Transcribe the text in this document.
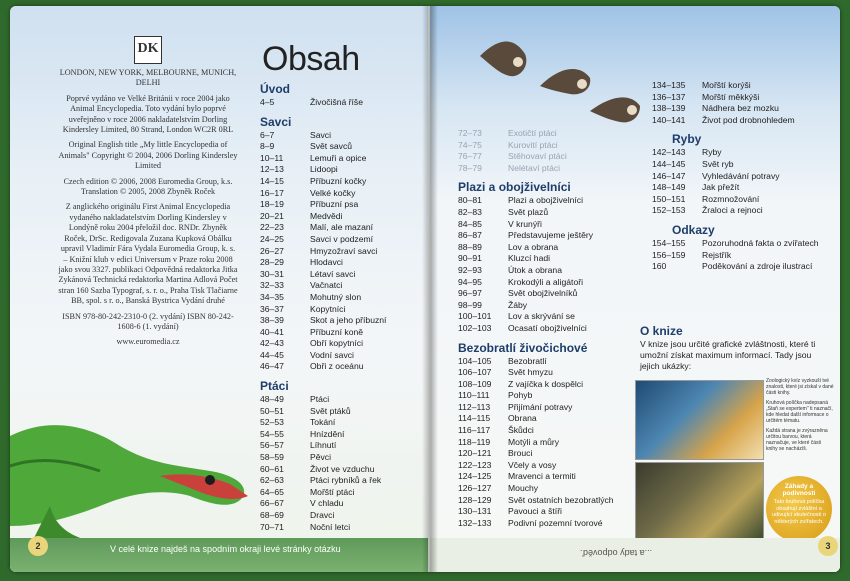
DK

LONDON, NEW YORK, MELBOURNE, MUNICH, DELHI

Poprvé vydáno ve Velké Británii v roce 2004 jako Animal Encyclopedia. Toto vydání bylo poprvé uveřejněno v roce 2006 nakladatelstvím Dorling Kindersley Limited, 80 Strand, London WC2R 0RL

Original English title „My little Encyclopedia of Animals" Copyright © 2004, 2006 Dorling Kindersley Limited

Czech edition © 2006, 2008 Euromedia Group, k.s. Translation © 2005, 2008 Zbyněk Roček

Z anglického originálu First Animal Encyclopedia vydaného nakladatelstvím Dorling Kindersley v Londýně roku 2004 přeložil doc. RNDr. Zbyněk Roček, DrSc. Redigovala Zuzana Kupková Obálku upravil Vladimír Fára Vydala Euromedia Group, k. s. – Knižní klub v edici Universum v Praze roku 2008 jako svou 3327. publikaci Odpovědná redaktorka Jitka Zykánová Technická redaktorka Martina Adlová Počet stran 160 Sazba Typograf, s. r. o., Praha Tisk Tlačiarne BB, spol. s r. o., Banská Bystrica Vydání druhé

ISBN 978-80-242-2310-0 (2. vydání) ISBN 80-242-1608-6 (1. vydání)

www.euromedia.cz

Obsah

Úvod

4–5	Živočišná říše

Savci

6–7	Savci
8–9	Svět savců
10–11	Lemuři a opice
12–13	Lidoopi
14–15	Příbuzní kočky
16–17	Velké kočky
18–19	Příbuzní psa
20–21	Medvědi
22–23	Malí, ale mazaní
24–25	Savci v podzemí
26–27	Hmyzožraví savci
28–29	Hlodavci
30–31	Létaví savci
32–33	Vačnatci
34–35	Mohutný slon
36–37	Kopytníci
38–39	Skot a jeho příbuzní
40–41	Příbuzní koně
42–43	Obří kopytníci
44–45	Vodní savci
46–47	Obři z oceánu

Ptáci

48–49	Ptáci
50–51	Svět ptáků
52–53	Tokání
54–55	Hnízdění
56–57	Líhnutí
58–59	Pěvci
60–61	Život ve vzduchu
62–63	Ptáci rybníků a řek
64–65	Mořští ptáci
66–67	V chladu
68–69	Dravci
70–71	Noční letci
V celé knize najdeš na spodním okraji levé stránky otázku
2
72–73	Exotičtí ptáci
74–75	Kurovití ptáci
76–77	Stěhovaví ptáci
78–79	Nelétaví ptáci

Plazi a obojživelníci

80–81	Plazi a obojživelníci
82–83	Svět plazů
84–85	V krunýři
86–87	Představujeme ještěry
88–89	Lov a obrana
90–91	Kluzcí hadi
92–93	Útok a obrana
94–95	Krokodýli a aligátoři
96–97	Svět obojživelníků
98–99	Žáby
100–101	Lov a skrývání se
102–103	Ocasatí obojživelníci

Bezobratlí živočichové

104–105	Bezobratlí
106–107	Svět hmyzu
108–109	Z vajíčka k dospělci
110–111	Pohyb
112–113	Přijímání potravy
114–115	Obrana
116–117	Škůdci
118–119	Motýli a můry
120–121	Brouci
122–123	Včely a vosy
124–125	Mravenci a termiti
126–127	Mouchy
128–129	Svět ostatních bezobratlých
130–131	Pavouci a štíři
132–133	Podivní pozemní tvorové
134–135	Mořští korýši
136–137	Mořští měkkýši
138–139	Nádhera bez mozku
140–141	Život pod drobnohledem

Ryby

142–143	Ryby
144–145	Svět ryb
146–147	Vyhledávání potravy
148–149	Jak přežít
150–151	Rozmnožování
152–153	Žraloci a rejnoci

Odkazy

154–155	Pozoruhodná fakta o zvířatech
156–159	Rejstřík
160	Poděkování a zdroje ilustrací
O knize
V knize jsou určité grafické zvláštnosti, které ti umožní získat maximum informací. Tady jsou jejich ukázky:

Zoologický kvíz vyzkouší tvé znalosti, které jsi získal v dané části knihy.

Kruhová políčka nadepsaná „Staň se expertem" ti naznačí, kde hledat další informace o určitém tématu.

Každá strana je zvýrazněna určitou barvou, která naznačuje, ve které části knihy se nacházíš.

Záhady a podivnosti
Tato kruhová políčka obsahují zvláštní a udivující skutečnosti o některých zvířatech.
...a tady odpověď.
3
